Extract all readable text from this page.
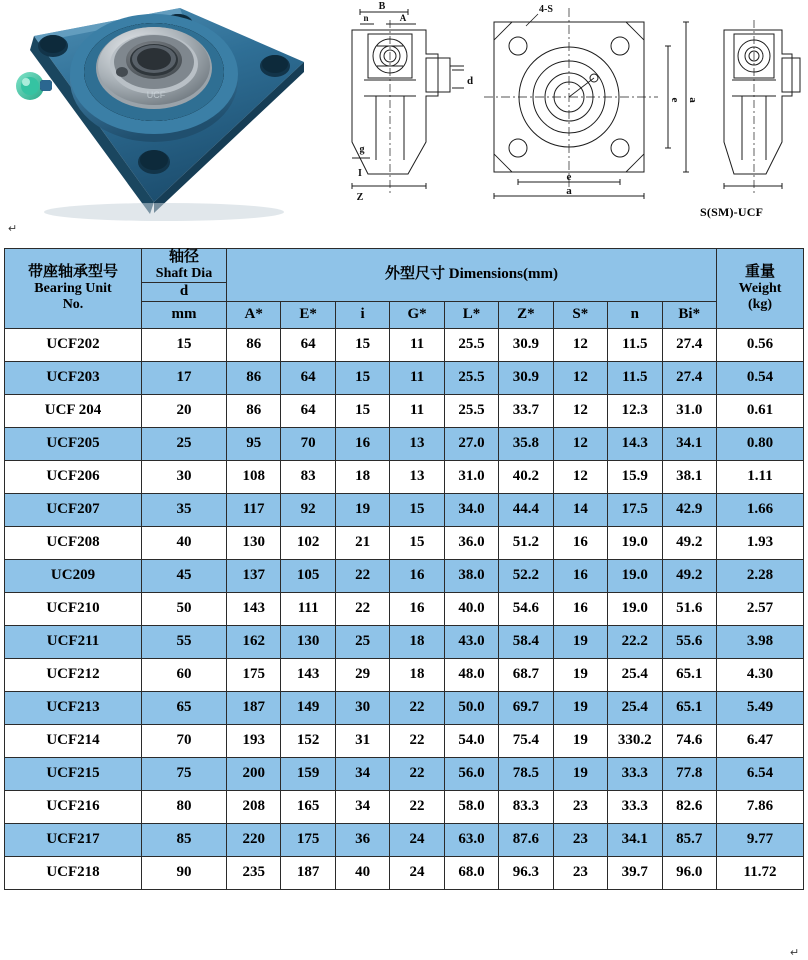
UCF
B
n	A
d
g
I
Z
4-S
e a
e
a
S(SM)-UCF
↵
带座轴承型号
Bearing Unit
No.

轴径
Shaft Dia	外型尺寸 Dimensions(mm)	重量
Weight
(kg)

	d										
	mm	A*	E*	i	G*	L*	Z*	S*	n	Bi*	
UCF202	15	86	64	15	11	25.5	30.9	12	11.5	27.4	0.56
UCF203	17	86	64	15	11	25.5	30.9	12	11.5	27.4	0.54
UCF 204	20	86	64	15	11	25.5	33.7	12	12.3	31.0	0.61
UCF205	25	95	70	16	13	27.0	35.8	12	14.3	34.1	0.80
UCF206	30	108	83	18	13	31.0	40.2	12	15.9	38.1	1.11
UCF207	35	117	92	19	15	34.0	44.4	14	17.5	42.9	1.66
UCF208	40	130	102	21	15	36.0	51.2	16	19.0	49.2	1.93
UC209	45	137	105	22	16	38.0	52.2	16	19.0	49.2	2.28
UCF210	50	143	111	22	16	40.0	54.6	16	19.0	51.6	2.57
UCF211	55	162	130	25	18	43.0	58.4	19	22.2	55.6	3.98
UCF212	60	175	143	29	18	48.0	68.7	19	25.4	65.1	4.30
UCF213	65	187	149	30	22	50.0	69.7	19	25.4	65.1	5.49
UCF214	70	193	152	31	22	54.0	75.4	19	330.2	74.6	6.47
UCF215	75	200	159	34	22	56.0	78.5	19	33.3	77.8	6.54
UCF216	80	208	165	34	22	58.0	83.3	23	33.3	82.6	7.86
UCF217	85	220	175	36	24	63.0	87.6	23	34.1	85.7	9.77
UCF218	90	235	187	40	24	68.0	96.3	23	39.7	96.0	11.72
↵
